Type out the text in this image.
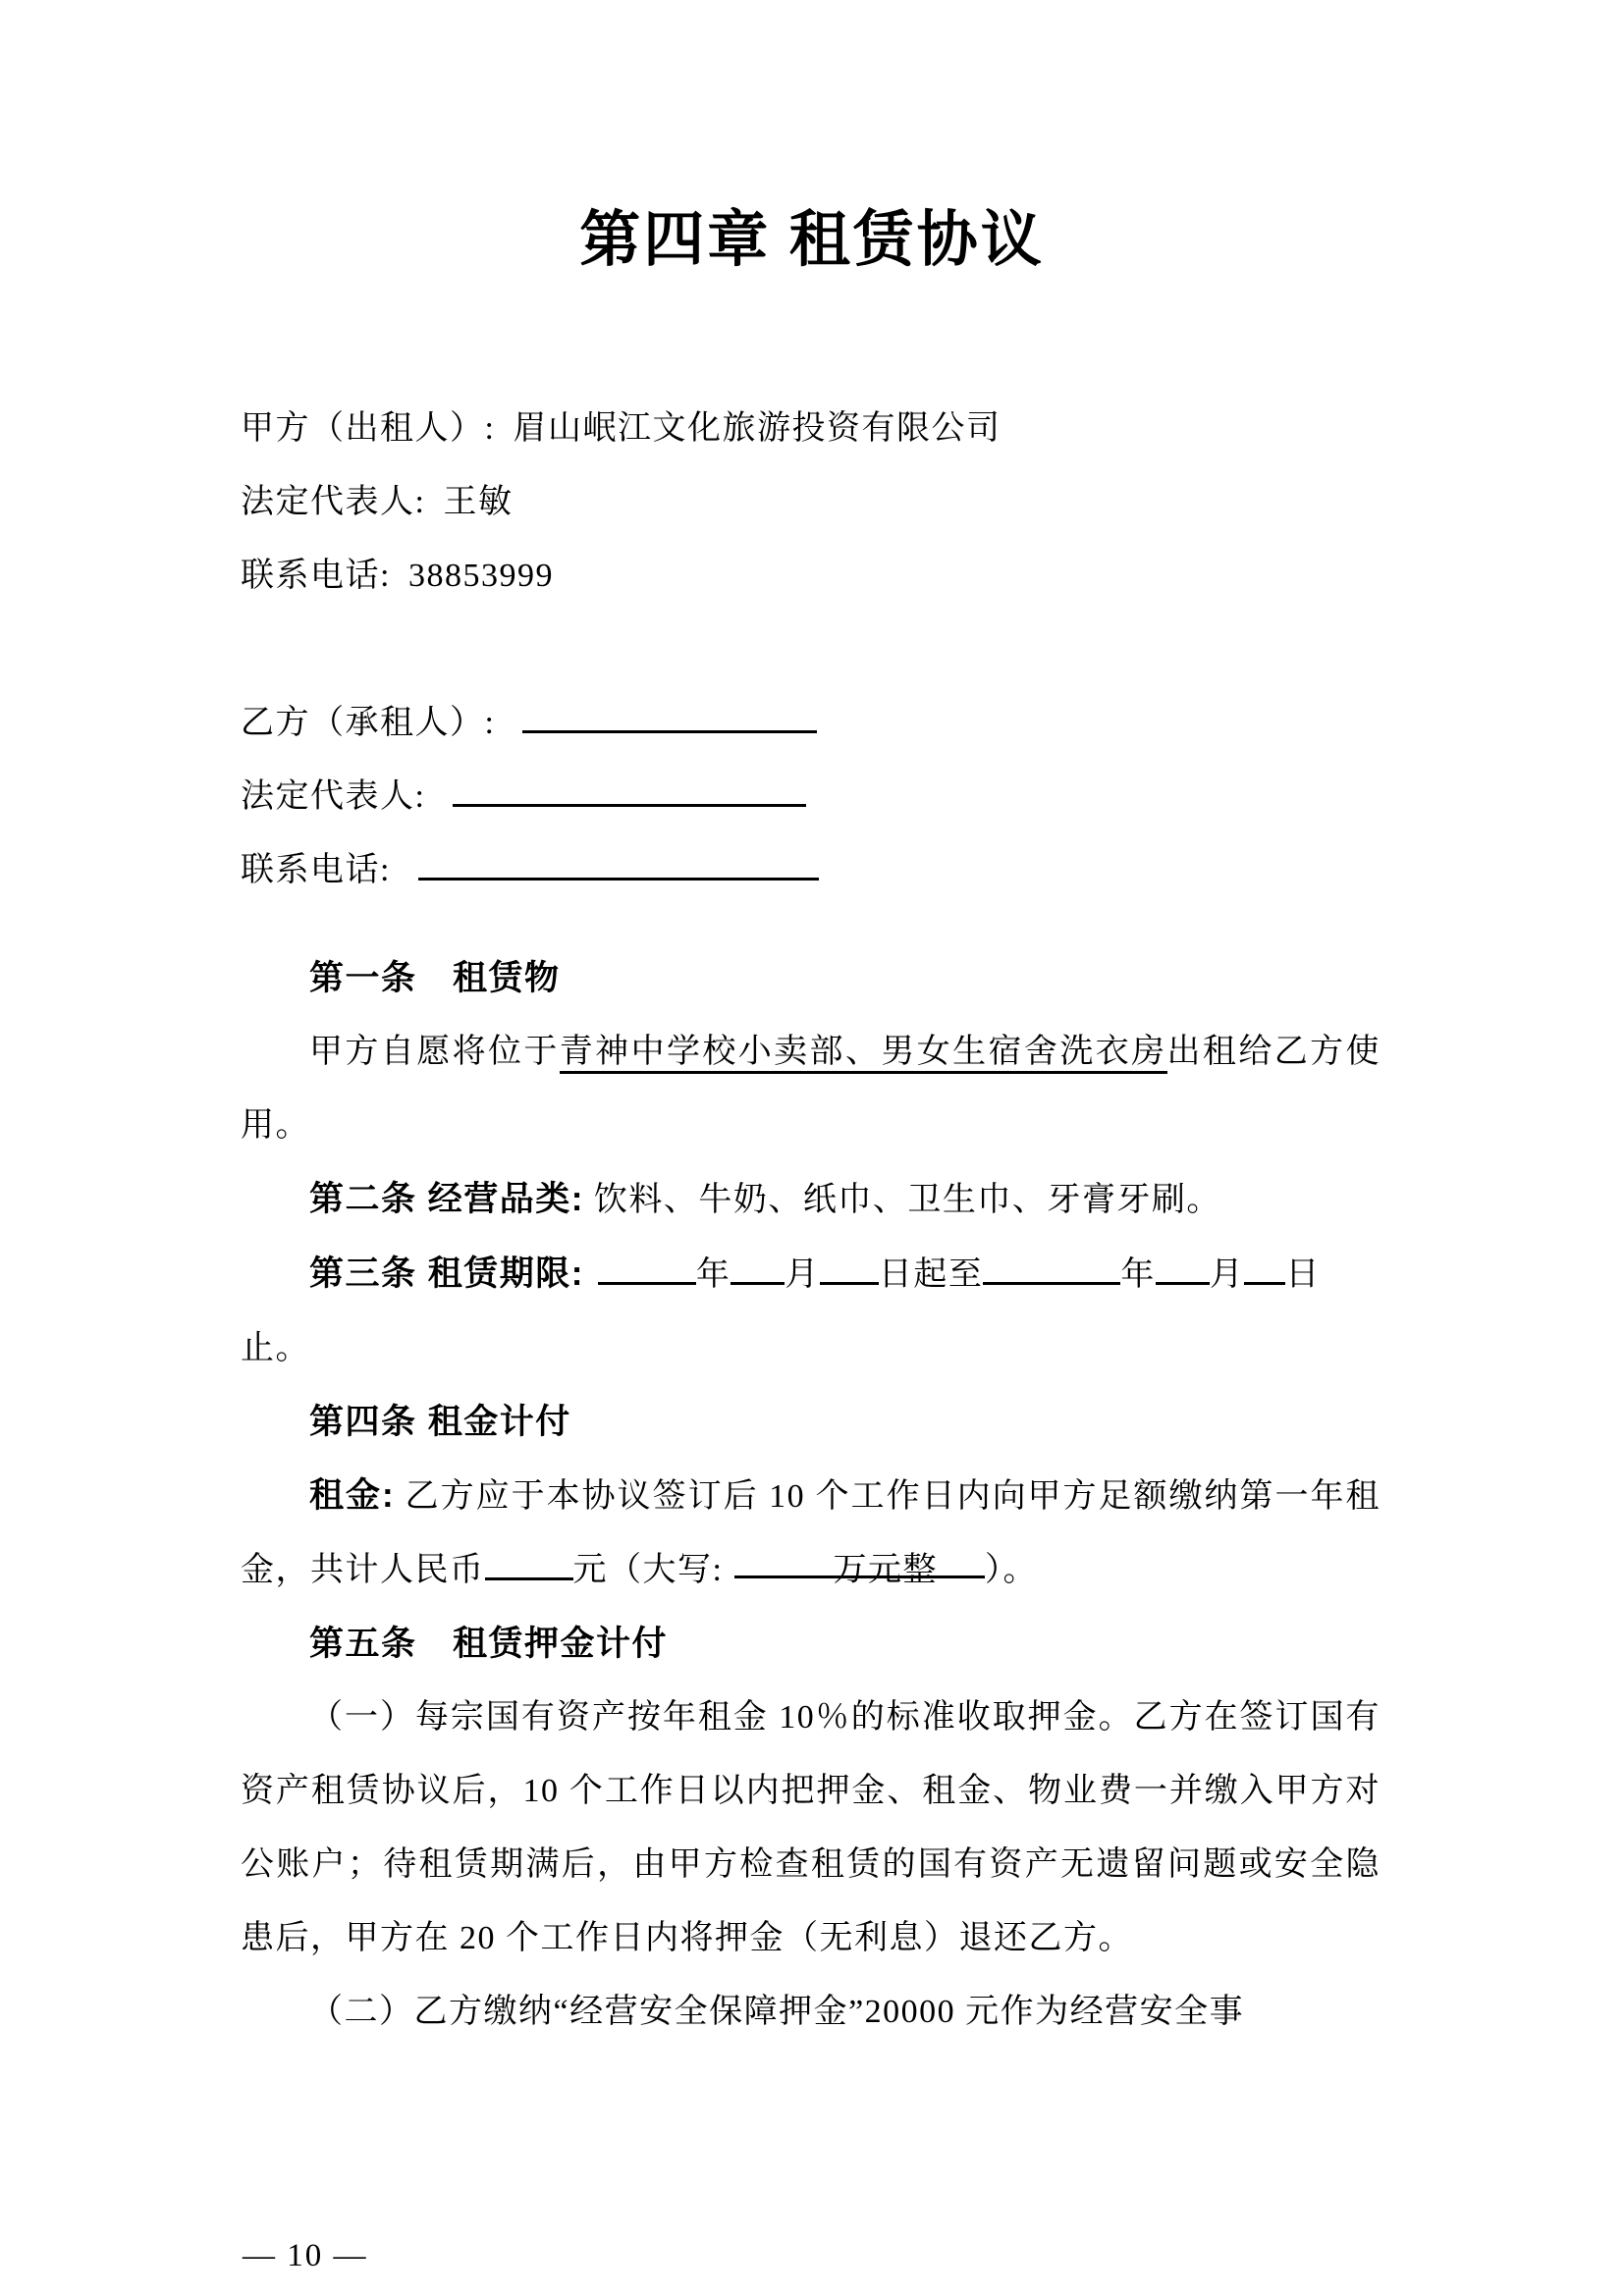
第四章 租赁协议
甲方（出租人）: 眉山岷江文化旅游投资有限公司
法定代表人: 王敏
联系电话: 38853999
乙方（承租人）:
法定代表人:
联系电话:
第一条　租赁物
甲方自愿将位于青神中学校小卖部、男女生宿舍洗衣房出租给乙方使用。
第二条 经营品类: 饮料、牛奶、纸巾、卫生巾、牙膏牙刷。
第三条 租赁期限:	年 月 日起至	年 月 日
止。
第四条 租金计付
租金: 乙方应于本协议签订后 10 个工作日内向甲方足额缴纳第一年租金，共计人民币	元（大写:	万元整 ）。
第五条　租赁押金计付
（一）每宗国有资产按年租金 10％的标准收取押金。乙方在签订国有资产租赁协议后，10 个工作日以内把押金、租金、物业费一并缴入甲方对公账户；待租赁期满后，由甲方检查租赁的国有资产无遗留问题或安全隐患后，甲方在 20 个工作日内将押金（无利息）退还乙方。
（二）乙方缴纳“经营安全保障押金”20000 元作为经营安全事
— 10 —
